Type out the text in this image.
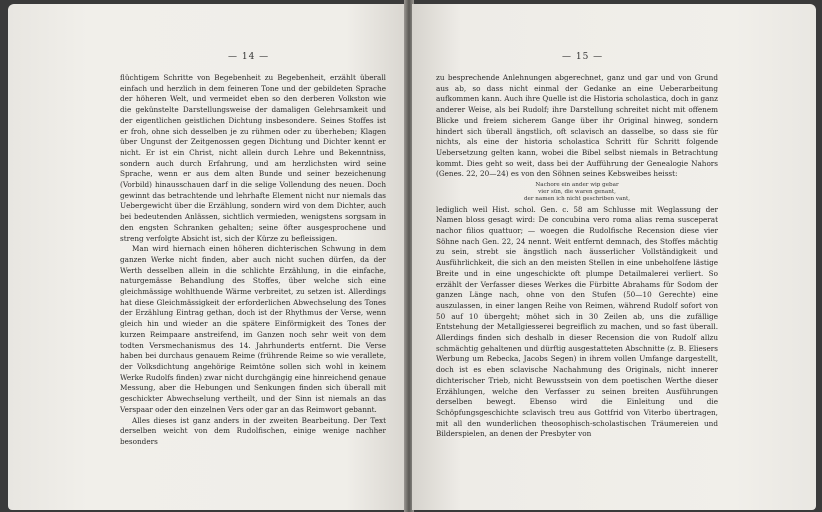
— 14 —

flüchtigem Schritte von Begebenheit zu Begebenheit, erzählt überall einfach und herzlich in dem feineren Tone und der gebildeten Sprache der höheren Welt, und vermeidet eben so den derberen Volkston wie die gekünstelte Darstellungsweise der damaligen Gelehrsamkeit und der eigentlichen geistlichen Dichtung insbesondere. Seines Stoffes ist er froh, ohne sich desselben je zu rühmen oder zu überheben; Klagen über Ungunst der Zeitgenossen gegen Dichtung und Dichter kennt er nicht. Er ist ein Christ, nicht allein durch Lehre und Bekenntniss, sondern auch durch Erfahrung, und am herzlichsten wird seine Sprache, wenn er aus dem alten Bunde und seiner bezeichenung (Vorbild) hinausschauen darf in die selige Vollendung des neuen. Doch gewinnt das betrachtende und lehrhafte Element nicht nur niemals das Uebergewicht über die Erzählung, sondern wird von dem Dichter, auch bei bedeutenden Anlässen, sichtlich vermieden, wenigstens sorgsam in den engsten Schranken gehalten; seine öfter ausgesprochene und streng verfolgte Absicht ist, sich der Kürze zu befleissigen.

Man wird hiernach einen höheren dichterischen Schwung in dem ganzen Werke nicht finden, aber auch nicht suchen dürfen, da der Werth desselben allein in die schlichte Erzählung, in die einfache, naturgemässe Behandlung des Stoffes, über welche sich eine gleichmässige wohlthuende Wärme verbreitet, zu setzen ist. Allerdings hat diese Gleichmässigkeit der erforderlichen Abwechselung des Tones der Erzählung Eintrag gethan, doch ist der Rhythmus der Verse, wenn gleich hin und wieder an die spätere Einförmigkeit des Tones der kurzen Reimpaare anstreifend, im Ganzen noch sehr weit von dem todten Versmechanismus des 14. Jahrhunderts entfernt. Die Verse haben bei durchaus genauem Reime (frührende Reime so wie verallete, der Volksdichtung angehörige Reimtöne sollen sich wohl in keinem Werke Rudolfs finden) zwar nicht durchgängig eine hinreichend genaue Messung, aber die Hebungen und Senkungen finden sich überall mit geschickter Abwechselung vertheilt, und der Sinn ist niemals an das Verspaar oder den einzelnen Vers oder gar an das Reimwort gebannt.

Alles dieses ist ganz anders in der zweiten Bearbeitung. Der Text derselben weicht von dem Rudolfischen, einige wenige nachher besonders

— 15 —

zu besprechende Anlehnungen abgerechnet, ganz und gar und von Grund aus ab, so dass nicht einmal der Gedanke an eine Ueberarbeitung aufkommen kann. Auch ihre Quelle ist die Historia scholastica, doch in ganz anderer Weise, als bei Rudolf; ihre Darstellung schreitet nicht mit offenem Blicke und freiem sicherem Gange über ihr Original hinweg, sondern hindert sich überall ängstlich, oft sclavisch an dasselbe, so dass sie für nichts, als eine der historia scholastica Schritt für Schritt folgende Uebersetzung gelten kann, wobei die Bibel selbst niemals in Betrachtung kommt. Dies geht so weit, dass bei der Aufführung der Genealogie Nahors (Genes. 22, 20—24) es von den Söhnen seines Kebsweibes heisst:

Nachore ein ander wip gebar

vier sün, die waren genant,

der namen ich nicht geschriben vant,

lediglich weil Hist. schol. Gen. c. 58 am Schlusse mit Weglassung der Namen bloss gesagt wird: De concubina vero roma alias rema susceperat nachor filios quattuor; — woegen die Rudolfische Recension diese vier Söhne nach Gen. 22, 24 nennt. Weit entfernt demnach, des Stoffes mächtig zu sein, strebt sie ängstlich nach äusserlicher Vollständigkeit und Ausführlichkeit, die sich an den meisten Stellen in eine unbeholfene lästige Breite und in eine ungeschickte oft plumpe Detailmalerei verliert. So erzählt der Verfasser dieses Werkes die Fürbitte Abrahams für Sodom der ganzen Länge nach, ohne von den Stufen (50—10 Gerechte) eine auszulassen, in einer langen Reihe von Reimen, während Rudolf sofort von 50 auf 10 übergeht; möhet sich in 30 Zeilen ab, uns die zufällige Entstehung der Metallgiesserei begreiflich zu machen, und so fast überall. Allerdings finden sich deshalb in dieser Recension die von Rudolf allzu schmächtig gehaltenen und dürftig ausgestatteten Abschnitte (z. B. Eliesers Werbung um Rebecka, Jacobs Segen) in ihrem vollen Umfange dargestellt, doch ist es eben sclavische Nachahmung des Originals, nicht innerer dichterischer Trieb, nicht Bewusstsein von dem poetischen Werthe dieser Erzählungen, welche den Verfasser zu seinen breiten Ausführungen derselben bewegt. Ebenso wird die Einleitung und die Schöpfungsgeschichte sclavisch treu aus Gottfrid von Viterbo übertragen, mit all den wunderlichen theosophisch-scholastischen Träumereien und Bilderspielen, an denen der Presbyter von
